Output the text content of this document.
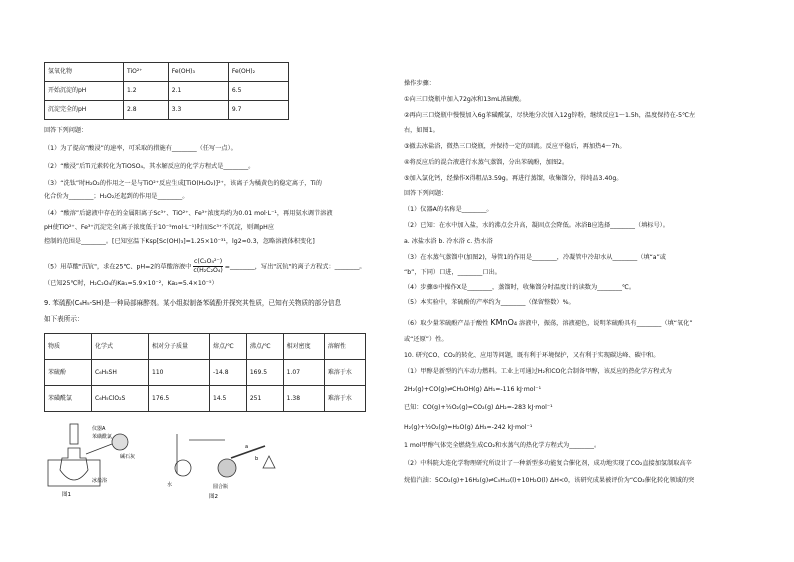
氢氧化物	TiO²⁺	Fe(OH)₃	Fe(OH)₂
开始沉淀的pH	1.2	2.1	6.5
沉淀完全的pH	2.8	3.3	9.7
回答下列问题：
（1）为了提高“酸浸”的速率，可采取的措施有________（任写一点）。
（2）“酸浸”后Ti元素转化为TiOSO₄，其水解反应的化学方程式是________。
（3）“洗钛”时H₂O₂的作用之一是与TiO²⁺反应生成[TiO(H₂O₂)]²⁺，该离子为橘黄色的稳定离子，Ti的
化合价为________；H₂O₂还起到的作用是________。
（4）“酸溶”后滤液中存在的金属阳离子Sc³⁺、TiO²⁺、Fe³⁺浓度均约为0.01 mol·L⁻¹，再用氨水调节溶液
pH使TiO²⁺、Fe³⁺沉淀完全(离子浓度低于10⁻⁵mol·L⁻¹)时而Sc³⁺不沉淀，则调pH应
控制的范围是________。[已知室温下Ksp[Sc(OH)₃]=1.25×10⁻³¹，lg2≈0.3，忽略溶液体积变化]
（5）用草酸"沉钪"，求在25℃、pH=2的草酸溶液中 $\frac{\text{c(C₂O₄²⁻)}}{\text{c(H₂C₂O₄)}}$ =________，写出"沉钪"的离子方程式：________。
（已知25℃时，H₂C₂O₄的Ka₁=5.9×10⁻²，Ka₂=5.4×10⁻⁵）
9. 苯硫酚(C₆H₅-SH)是一种局部麻醉剂。某小组拟制备苯硫酚并探究其性质，已知有关物质的部分信息
如下表所示：
物质	化学式	相对分子质量	熔点/℃	沸点/℃	相对密度	溶解性
苯硫酚	C₆H₅SH	110	-14.8	169.5	1.07	难溶于水
苯磺酰氯	C₆H₅ClO₂S	176.5	14.5	251	1.38	难溶于水
仪器A
苯磺酰氯
碱石灰
冰盐浴
图1
水	圆合瓶
a
b
图2
操作步骤：
①向三口烧瓶中加入72g冰和13mL浓硫酸。
②再向三口烧瓶中慢慢加入6g苯磺酰氯，尽快地分次加入12g锌粉，继续反应1～1.5h，温度保持在-5℃左
右，如图1。
③撤去冰盐浴，微热三口烧瓶，并保持一定的回流。反应平稳后，再加热4～7h。
④将反应后的混合液进行水蒸气蒸馏，分出苯硫酚，加图2。
⑤加入氯化钙，经操作X得粗品3.59g。再进行蒸馏，收集馏分，得纯品3.40g。
回答下列问题：
（1）仪器A的名称是________。
（2）已知：在水中加入盐，水的沸点会升高，凝固点会降低。冰浴B应选择________（填标号）。
a. 冰盐水浴 b. 冷水浴 c. 热水浴
（3）在水蒸气蒸馏中(加图2)，导管1的作用是________，冷凝管中冷却水从________（填“a”或
“b”，下同）口进，________口出。
（4）步骤⑤中操作X是________，蒸馏时，收集馏分时温度计的读数为________℃。
（5）本实验中，苯硫酚的产率约为________（保留整数）%。
（6）取少量苯硫酚产品于酸性 KMnO₄ 溶液中，振荡，溶液褪色，说明苯硫酚具有________（填“氧化”
或“还原”）性。
10. 研究CO、CO₂的转化、应用等问题，既有利于环境保护，又有利于实现碳达峰、碳中和。
（1）甲醇是新型的汽车动力燃料。工业上可通过H₂和CO化合制备甲醇，该反应的热化学方程式为
2H₂(g)+CO(g)⇌CH₃OH(g) ΔH₁=-116 kJ·mol⁻¹
已知：CO(g)+½O₂(g)=CO₂(g) ΔH₂=-283 kJ·mol⁻¹
H₂(g)+½O₂(g)=H₂O(g) ΔH₃=-242 kJ·mol⁻¹
1 mol甲醇气体完全燃烧生成CO₂和水蒸气的热化学方程式为________。
（2）中科院大连化学物理研究所设计了一种新型多功能复合催化剂，成功地实现了CO₂直接加氢制取高辛
烷值汽油：5CO₂(g)+16H₂(g)⇌C₅H₁₂(l)+10H₂O(l) ΔH<0，该研究成果被评价为“CO₂催化转化领域的突
